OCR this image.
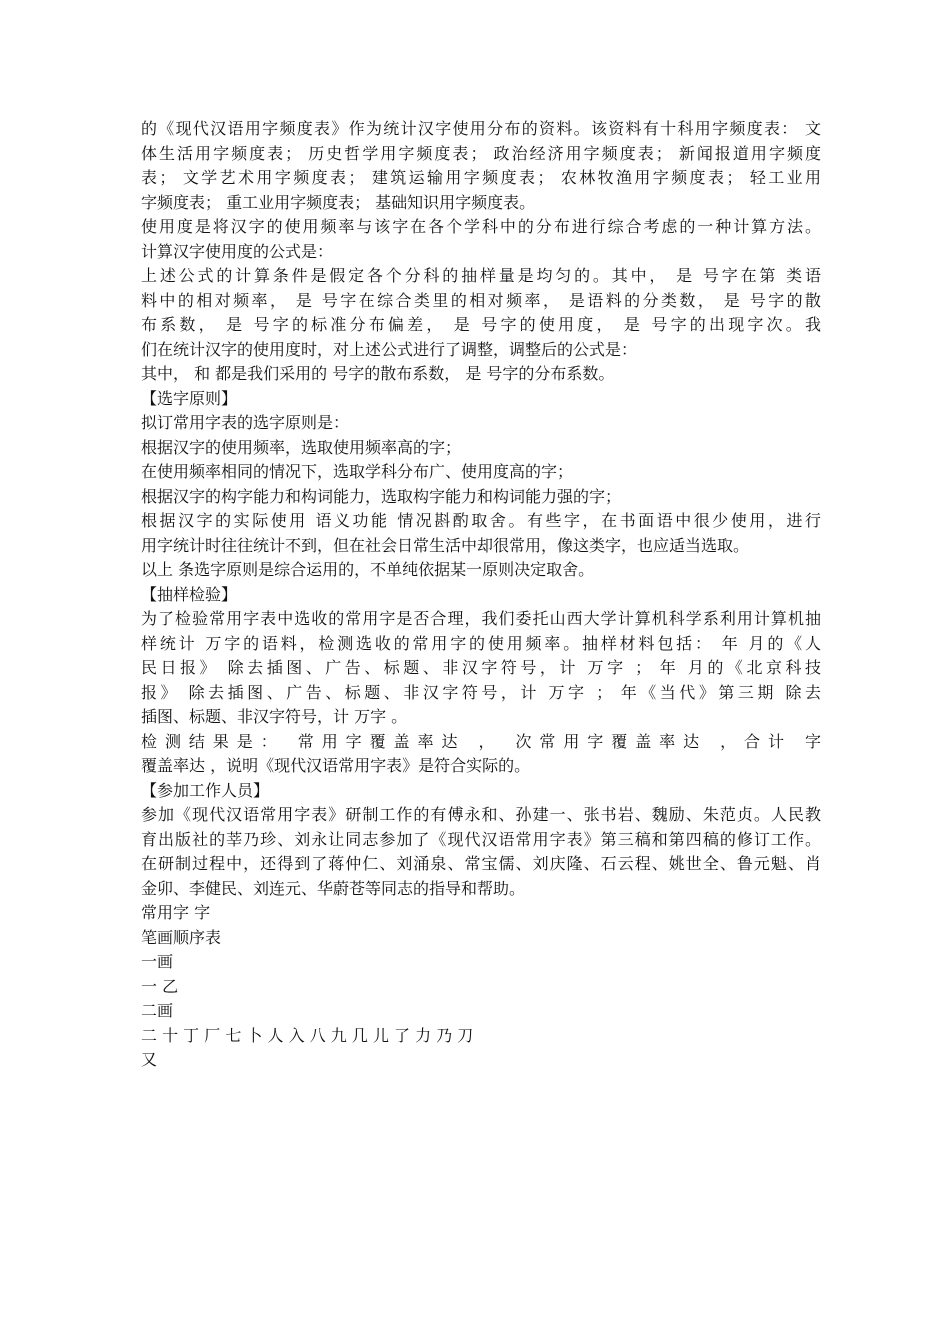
的《现代汉语用字频度表》作为统计汉字使用分布的资料。该资料有十科用字频度表： 文
体生活用字频度表； 历史哲学用字频度表； 政治经济用字频度表； 新闻报道用字频度
表； 文学艺术用字频度表； 建筑运输用字频度表； 农林牧渔用字频度表； 轻工业用
字频度表； 重工业用字频度表； 基础知识用字频度表。
使用度是将汉字的使用频率与该字在各个学科中的分布进行综合考虑的一种计算方法。
计算汉字使用度的公式是：
上述公式的计算条件是假定各个分科的抽样量是均匀的。其中， 是 号字在第 类语
料中的相对频率， 是 号字在综合类里的相对频率， 是语料的分类数， 是 号字的散
布系数， 是 号字的标准分布偏差， 是 号字的使用度， 是 号字的出现字次。我
们在统计汉字的使用度时，对上述公式进行了调整，调整后的公式是：
其中， 和 都是我们采用的 号字的散布系数， 是 号字的分布系数。
【选字原则】
拟订常用字表的选字原则是：
根据汉字的使用频率，选取使用频率高的字；
在使用频率相同的情况下，选取学科分布广、使用度高的字；
根据汉字的构字能力和构词能力，选取构字能力和构词能力强的字；
根据汉字的实际使用 语义功能 情况斟酌取舍。有些字，在书面语中很少使用，进行
用字统计时往往统计不到，但在社会日常生活中却很常用，像这类字，也应适当选取。
以上 条选字原则是综合运用的，不单纯依据某一原则决定取舍。
【抽样检验】
为了检验常用字表中选收的常用字是否合理，我们委托山西大学计算机科学系利用计算机抽
样统计 万字的语料，检测选收的常用字的使用频率。抽样材料包括： 年 月的《人
民日报》 除去插图、广告、标题、非汉字符号，计 万字 ； 年 月的《北京科技
报》 除去插图、广告、标题、非汉字符号，计 万字 ； 年《当代》第三期 除去
插图、标题、非汉字符号，计 万字 。
检测结果是： 常用字覆盖率达 ， 次常用字覆盖率达 ，合计 字
覆盖率达 ，说明《现代汉语常用字表》是符合实际的。
【参加工作人员】
参加《现代汉语常用字表》研制工作的有傅永和、孙建一、张书岩、魏励、朱范贞。人民教
育出版社的莘乃珍、刘永让同志参加了《现代汉语常用字表》第三稿和第四稿的修订工作。
在研制过程中，还得到了蒋仲仁、刘涌泉、常宝儒、刘庆隆、石云程、姚世全、鲁元魁、肖
金卯、李健民、刘连元、华蔚苍等同志的指导和帮助。
常用字 字
笔画顺序表
一画
一 乙
二画
二 十 丁 厂 七 卜 人 入 八 九 几 儿 了 力 乃 刀
又
